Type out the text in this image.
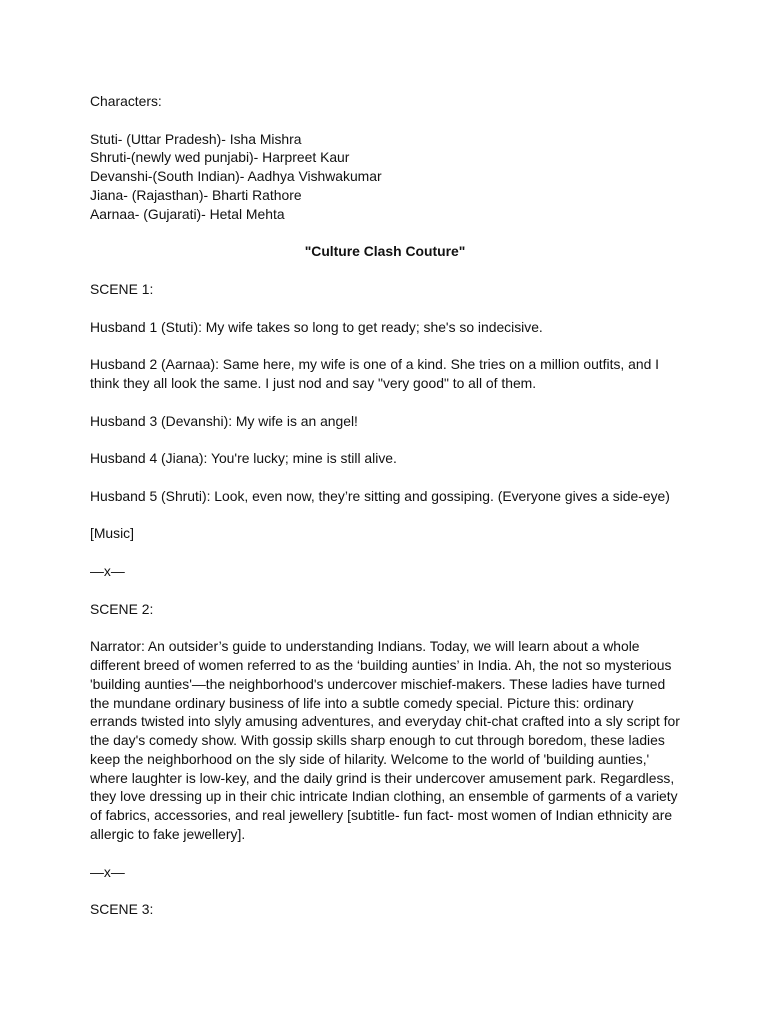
Characters:

Stuti- (Uttar Pradesh)- Isha Mishra
Shruti-(newly wed punjabi)- Harpreet Kaur
Devanshi-(South Indian)- Aadhya Vishwakumar
Jiana- (Rajasthan)- Bharti Rathore
Aarnaa- (Gujarati)- Hetal Mehta

"Culture Clash Couture"

SCENE 1:

Husband 1 (Stuti): My wife takes so long to get ready; she's so indecisive.

Husband 2 (Aarnaa): Same here, my wife is one of a kind. She tries on a million outfits, and I
think they all look the same. I just nod and say "very good" to all of them.

Husband 3 (Devanshi): My wife is an angel!

Husband 4 (Jiana): You're lucky; mine is still alive.

Husband 5 (Shruti): Look, even now, they’re sitting and gossiping. (Everyone gives a side-eye)

[Music]

—x—

SCENE 2:

Narrator: An outsider’s guide to understanding Indians. Today, we will learn about a whole
different breed of women referred to as the ‘building aunties’ in India. Ah, the not so mysterious
'building aunties'—the neighborhood's undercover mischief-makers. These ladies have turned
the mundane ordinary business of life into a subtle comedy special. Picture this: ordinary
errands twisted into slyly amusing adventures, and everyday chit-chat crafted into a sly script for
the day's comedy show. With gossip skills sharp enough to cut through boredom, these ladies
keep the neighborhood on the sly side of hilarity. Welcome to the world of 'building aunties,'
where laughter is low-key, and the daily grind is their undercover amusement park. Regardless,
they love dressing up in their chic intricate Indian clothing, an ensemble of garments of a variety
of fabrics, accessories, and real jewellery [subtitle- fun fact- most women of Indian ethnicity are
allergic to fake jewellery].

—x—

SCENE 3:
